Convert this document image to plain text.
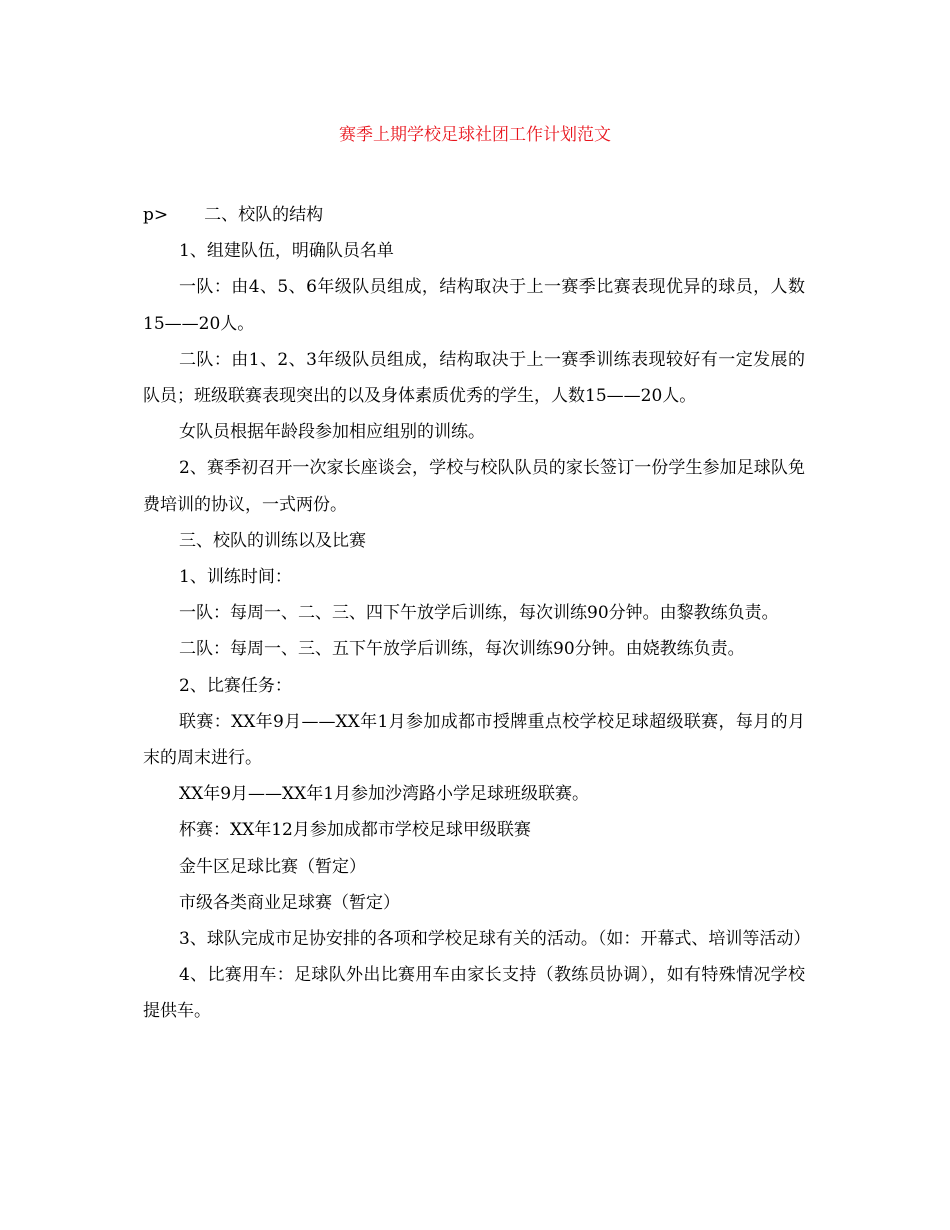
赛季上期学校足球社团工作计划范文

p> 二、校队的结构

1、组建队伍，明确队员名单

一队：由4、5、6年级队员组成，结构取决于上一赛季比赛表现优异的球员，人数15——20人。

二队：由1、2、3年级队员组成，结构取决于上一赛季训练表现较好有一定发展的队员；班级联赛表现突出的以及身体素质优秀的学生，人数15——20人。

女队员根据年龄段参加相应组别的训练。

2、赛季初召开一次家长座谈会，学校与校队队员的家长签订一份学生参加足球队免费培训的协议，一式两份。

三、校队的训练以及比赛

1、训练时间：

一队：每周一、二、三、四下午放学后训练，每次训练90分钟。由黎教练负责。

二队：每周一、三、五下午放学后训练，每次训练90分钟。由娆教练负责。

2、比赛任务：

联赛：XX年9月——XX年1月参加成都市授牌重点校学校足球超级联赛，每月的月末的周末进行。

XX年9月——XX年1月参加沙湾路小学足球班级联赛。

杯赛：XX年12月参加成都市学校足球甲级联赛

金牛区足球比赛（暂定）

市级各类商业足球赛（暂定）

3、球队完成市足协安排的各项和学校足球有关的活动。（如：开幕式、培训等活动）

4、比赛用车：足球队外出比赛用车由家长支持（教练员协调），如有特殊情况学校提供车。
